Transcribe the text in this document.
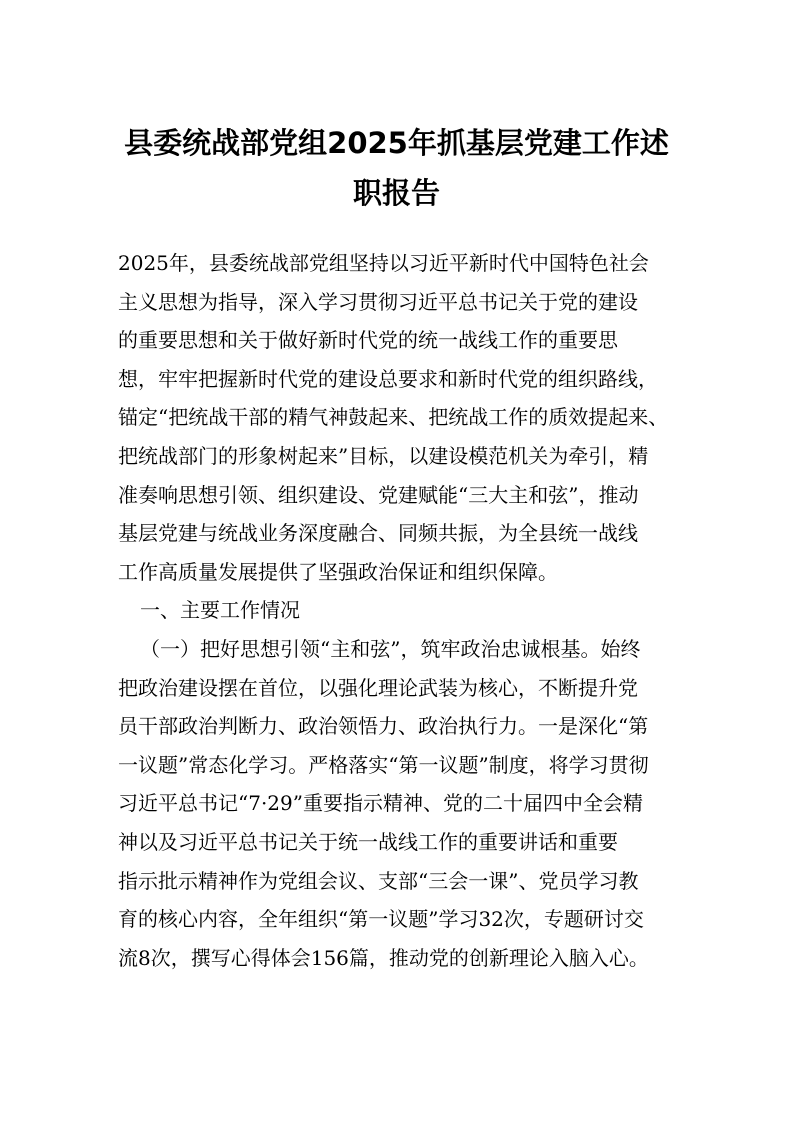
县委统战部党组2025年抓基层党建工作述
职报告
2025年，县委统战部党组坚持以习近平新时代中国特色社会
主义思想为指导，深入学习贯彻习近平总书记关于党的建设
的重要思想和关于做好新时代党的统一战线工作的重要思
想，牢牢把握新时代党的建设总要求和新时代党的组织路线，
锚定“把统战干部的精气神鼓起来、把统战工作的质效提起来、
把统战部门的形象树起来”目标，以建设模范机关为牵引，精
准奏响思想引领、组织建设、党建赋能“三大主和弦”，推动
基层党建与统战业务深度融合、同频共振，为全县统一战线
工作高质量发展提供了坚强政治保证和组织保障。
一、主要工作情况
（一）把好思想引领“主和弦”，筑牢政治忠诚根基。始终
把政治建设摆在首位，以强化理论武装为核心，不断提升党
员干部政治判断力、政治领悟力、政治执行力。一是深化“第
一议题”常态化学习。严格落实“第一议题”制度，将学习贯彻
习近平总书记“7·29”重要指示精神、党的二十届四中全会精
神以及习近平总书记关于统一战线工作的重要讲话和重要
指示批示精神作为党组会议、支部“三会一课”、党员学习教
育的核心内容，全年组织“第一议题”学习32次，专题研讨交
流8次，撰写心得体会156篇，推动党的创新理论入脑入心。
